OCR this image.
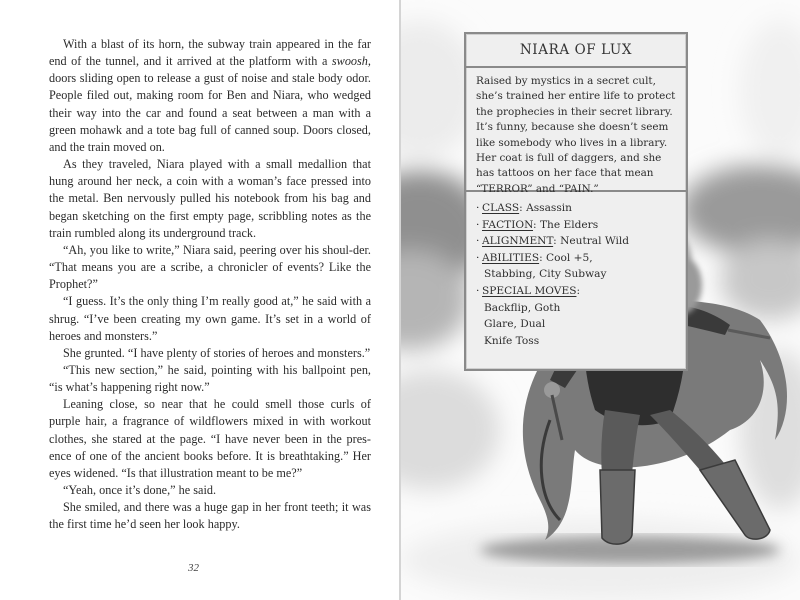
With a blast of its horn, the subway train appeared in the far end of the tunnel, and it arrived at the platform with a swoosh, doors sliding open to release a gust of noise and stale body odor. People filed out, making room for Ben and Niara, who wedged their way into the car and found a seat between a man with a green mohawk and a tote bag full of canned soup. Doors closed, and the train moved on.

As they traveled, Niara played with a small medallion that hung around her neck, a coin with a woman’s face pressed into the metal. Ben nervously pulled his notebook from his bag and began sketching on the first empty page, scribbling notes as the train rumbled along its underground track.

“Ah, you like to write,” Niara said, peering over his shoul-der. “That means you are a scribe, a chronicler of events? Like the Prophet?”

“I guess. It’s the only thing I’m really good at,” he said with a shrug. “I’ve been creating my own game. It’s set in a world of heroes and monsters.”

She grunted. “I have plenty of stories of heroes and monsters.”

“This new section,” he said, pointing with his ballpoint pen, “is what’s happening right now.”

Leaning close, so near that he could smell those curls of purple hair, a fragrance of wildflowers mixed in with workout clothes, she stared at the page. “I have never been in the pres-ence of one of the ancient books before. It is breathtaking.” Her eyes widened. “Is that illustration meant to be me?”

“Yeah, once it’s done,” he said.

She smiled, and there was a huge gap in her front teeth; it was the first time he’d seen her look happy.

32
NIARA OF LUX
Raised by mystics in a secret cult, she’s trained her entire life to protect the prophecies in their secret library. It’s funny, because she doesn’t seem like somebody who lives in a library. Her coat is full of daggers, and she has tattoos on her face that mean “TERROR” and “PAIN.”
· CLASS: Assassin
· FACTION: The Elders
· ALIGNMENT: Neutral Wild
· ABILITIES: Cool +5,
Stabbing, City Subway
· SPECIAL MOVES:
Backflip, Goth
Glare, Dual
Knife Toss
